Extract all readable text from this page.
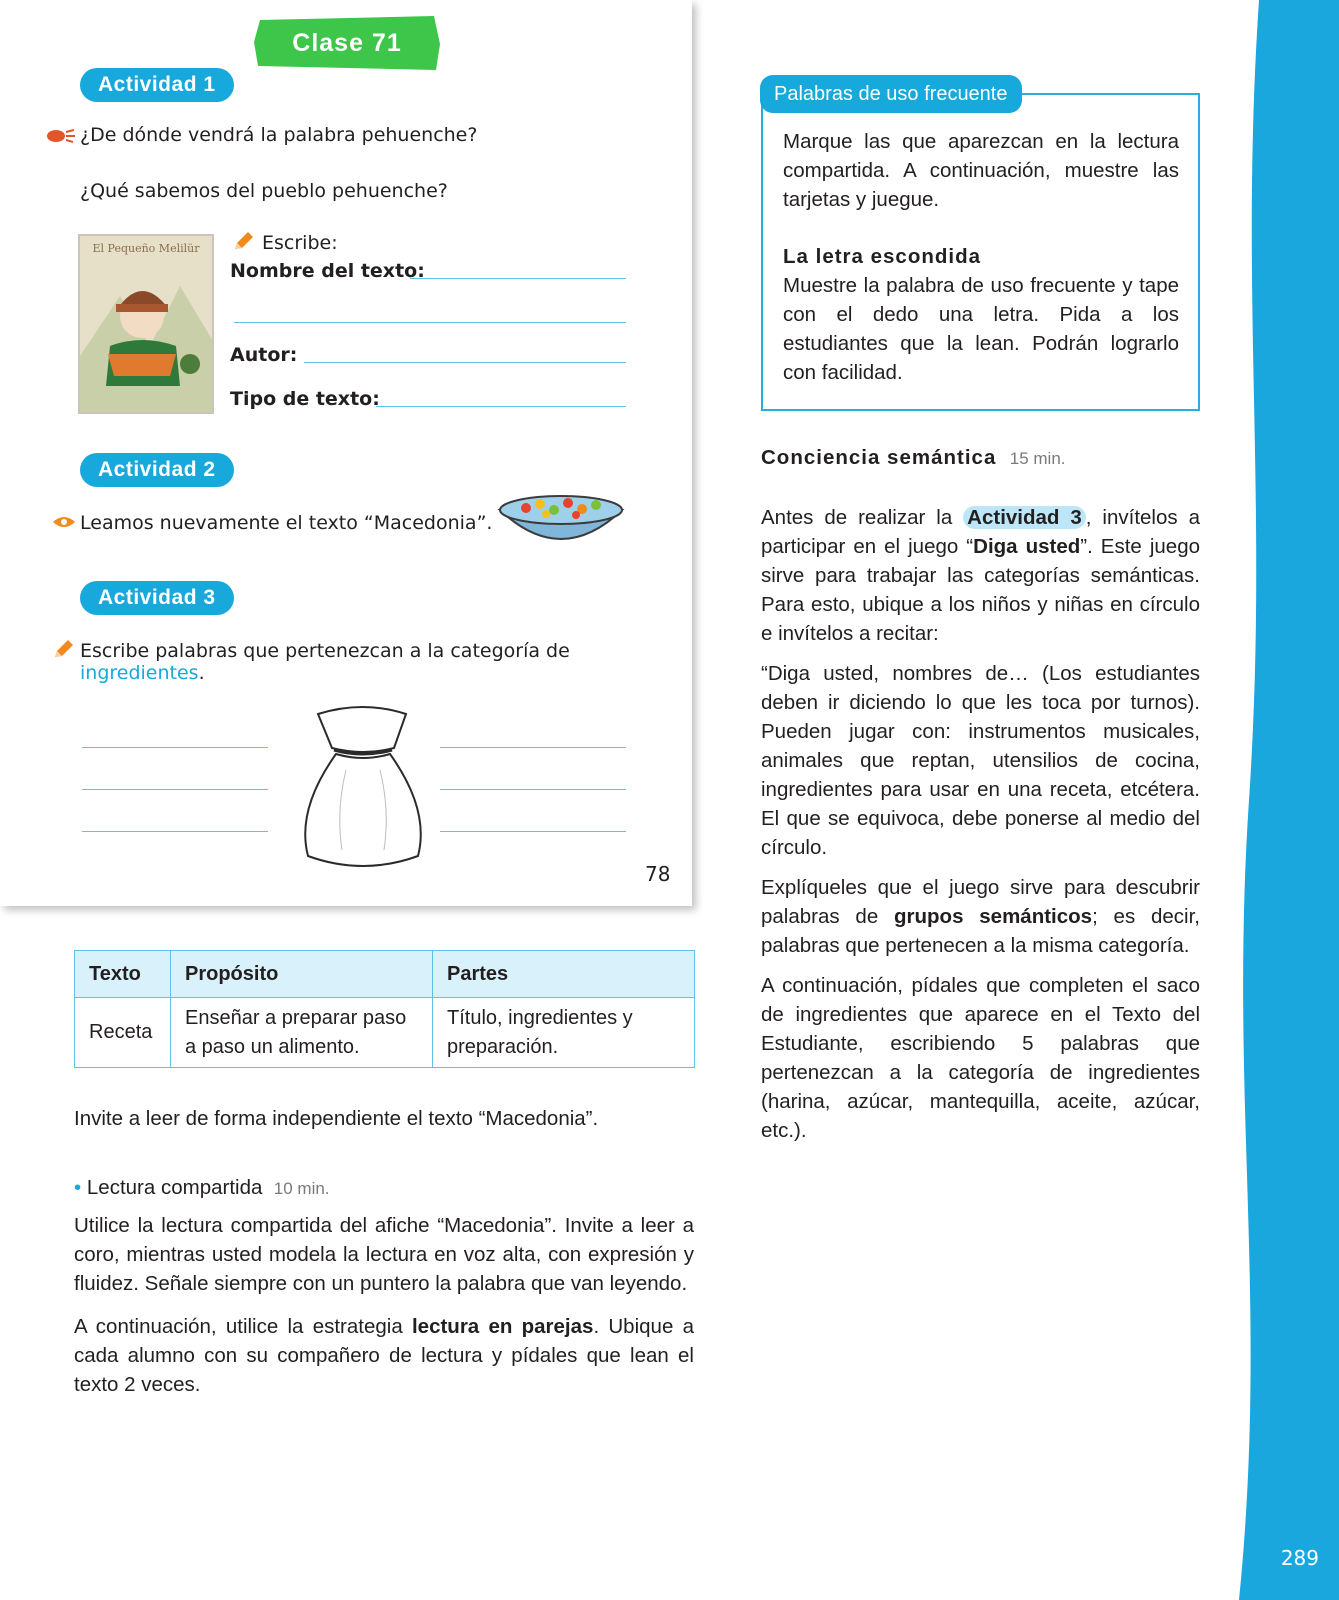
289
Clase 71
Actividad 1
¿De dónde vendrá la palabra pehuenche?
¿Qué sabemos del pueblo pehuenche?
El Pequeño Melilür	Escribe:
Nombre del texto:
Autor:
Tipo de texto:
Actividad 2
Leamos nuevamente el texto “Macedonia”.
Actividad 3
Escribe palabras que pertenezcan a la categoría de
ingredientes.
78
Texto	Propósito	Partes
Receta	Enseñar a preparar paso a paso un alimento.	Título, ingredientes y preparación.
Invite a leer de forma independiente el texto “Macedonia”.
• Lectura compartida 10 min.
Utilice la lectura compartida del afiche “Macedonia”. Invite a leer a coro, mientras usted modela la lectura en voz alta, con expresión y fluidez. Señale siempre con un puntero la palabra que van leyendo.
A continuación, utilice la estrategia lectura en parejas. Ubique a cada alumno con su compañero de lectura y pídales que lean el texto 2 veces.
Palabras de uso frecuente
Marque las que aparezcan en la lectura compartida. A continuación, muestre las tarjetas y juegue.
La letra escondida
Muestre la palabra de uso frecuente y tape con el dedo una letra. Pida a los estudiantes que la lean. Podrán lograrlo con facilidad.
Conciencia semántica 15 min.
Antes de realizar la Actividad 3 , invítelos a participar en el juego “Diga usted”. Este juego sirve para trabajar las categorías semánticas. Para esto, ubique a los niños y niñas en círculo e invítelos a recitar:
“Diga usted, nombres de… (Los estudiantes deben ir diciendo lo que les toca por turnos). Pueden jugar con: instrumentos musicales, animales que reptan, utensilios de cocina, ingredientes para usar en una receta, etcétera. El que se equivoca, debe ponerse al medio del círculo.
Explíqueles que el juego sirve para descubrir palabras de grupos semánticos; es decir, palabras que pertenecen a la misma categoría.
A continuación, pídales que completen el saco de ingredientes que aparece en el Texto del Estudiante, escribiendo 5 palabras que pertenezcan a la categoría de ingredientes (harina, azúcar, mantequilla, aceite, azúcar, etc.).
